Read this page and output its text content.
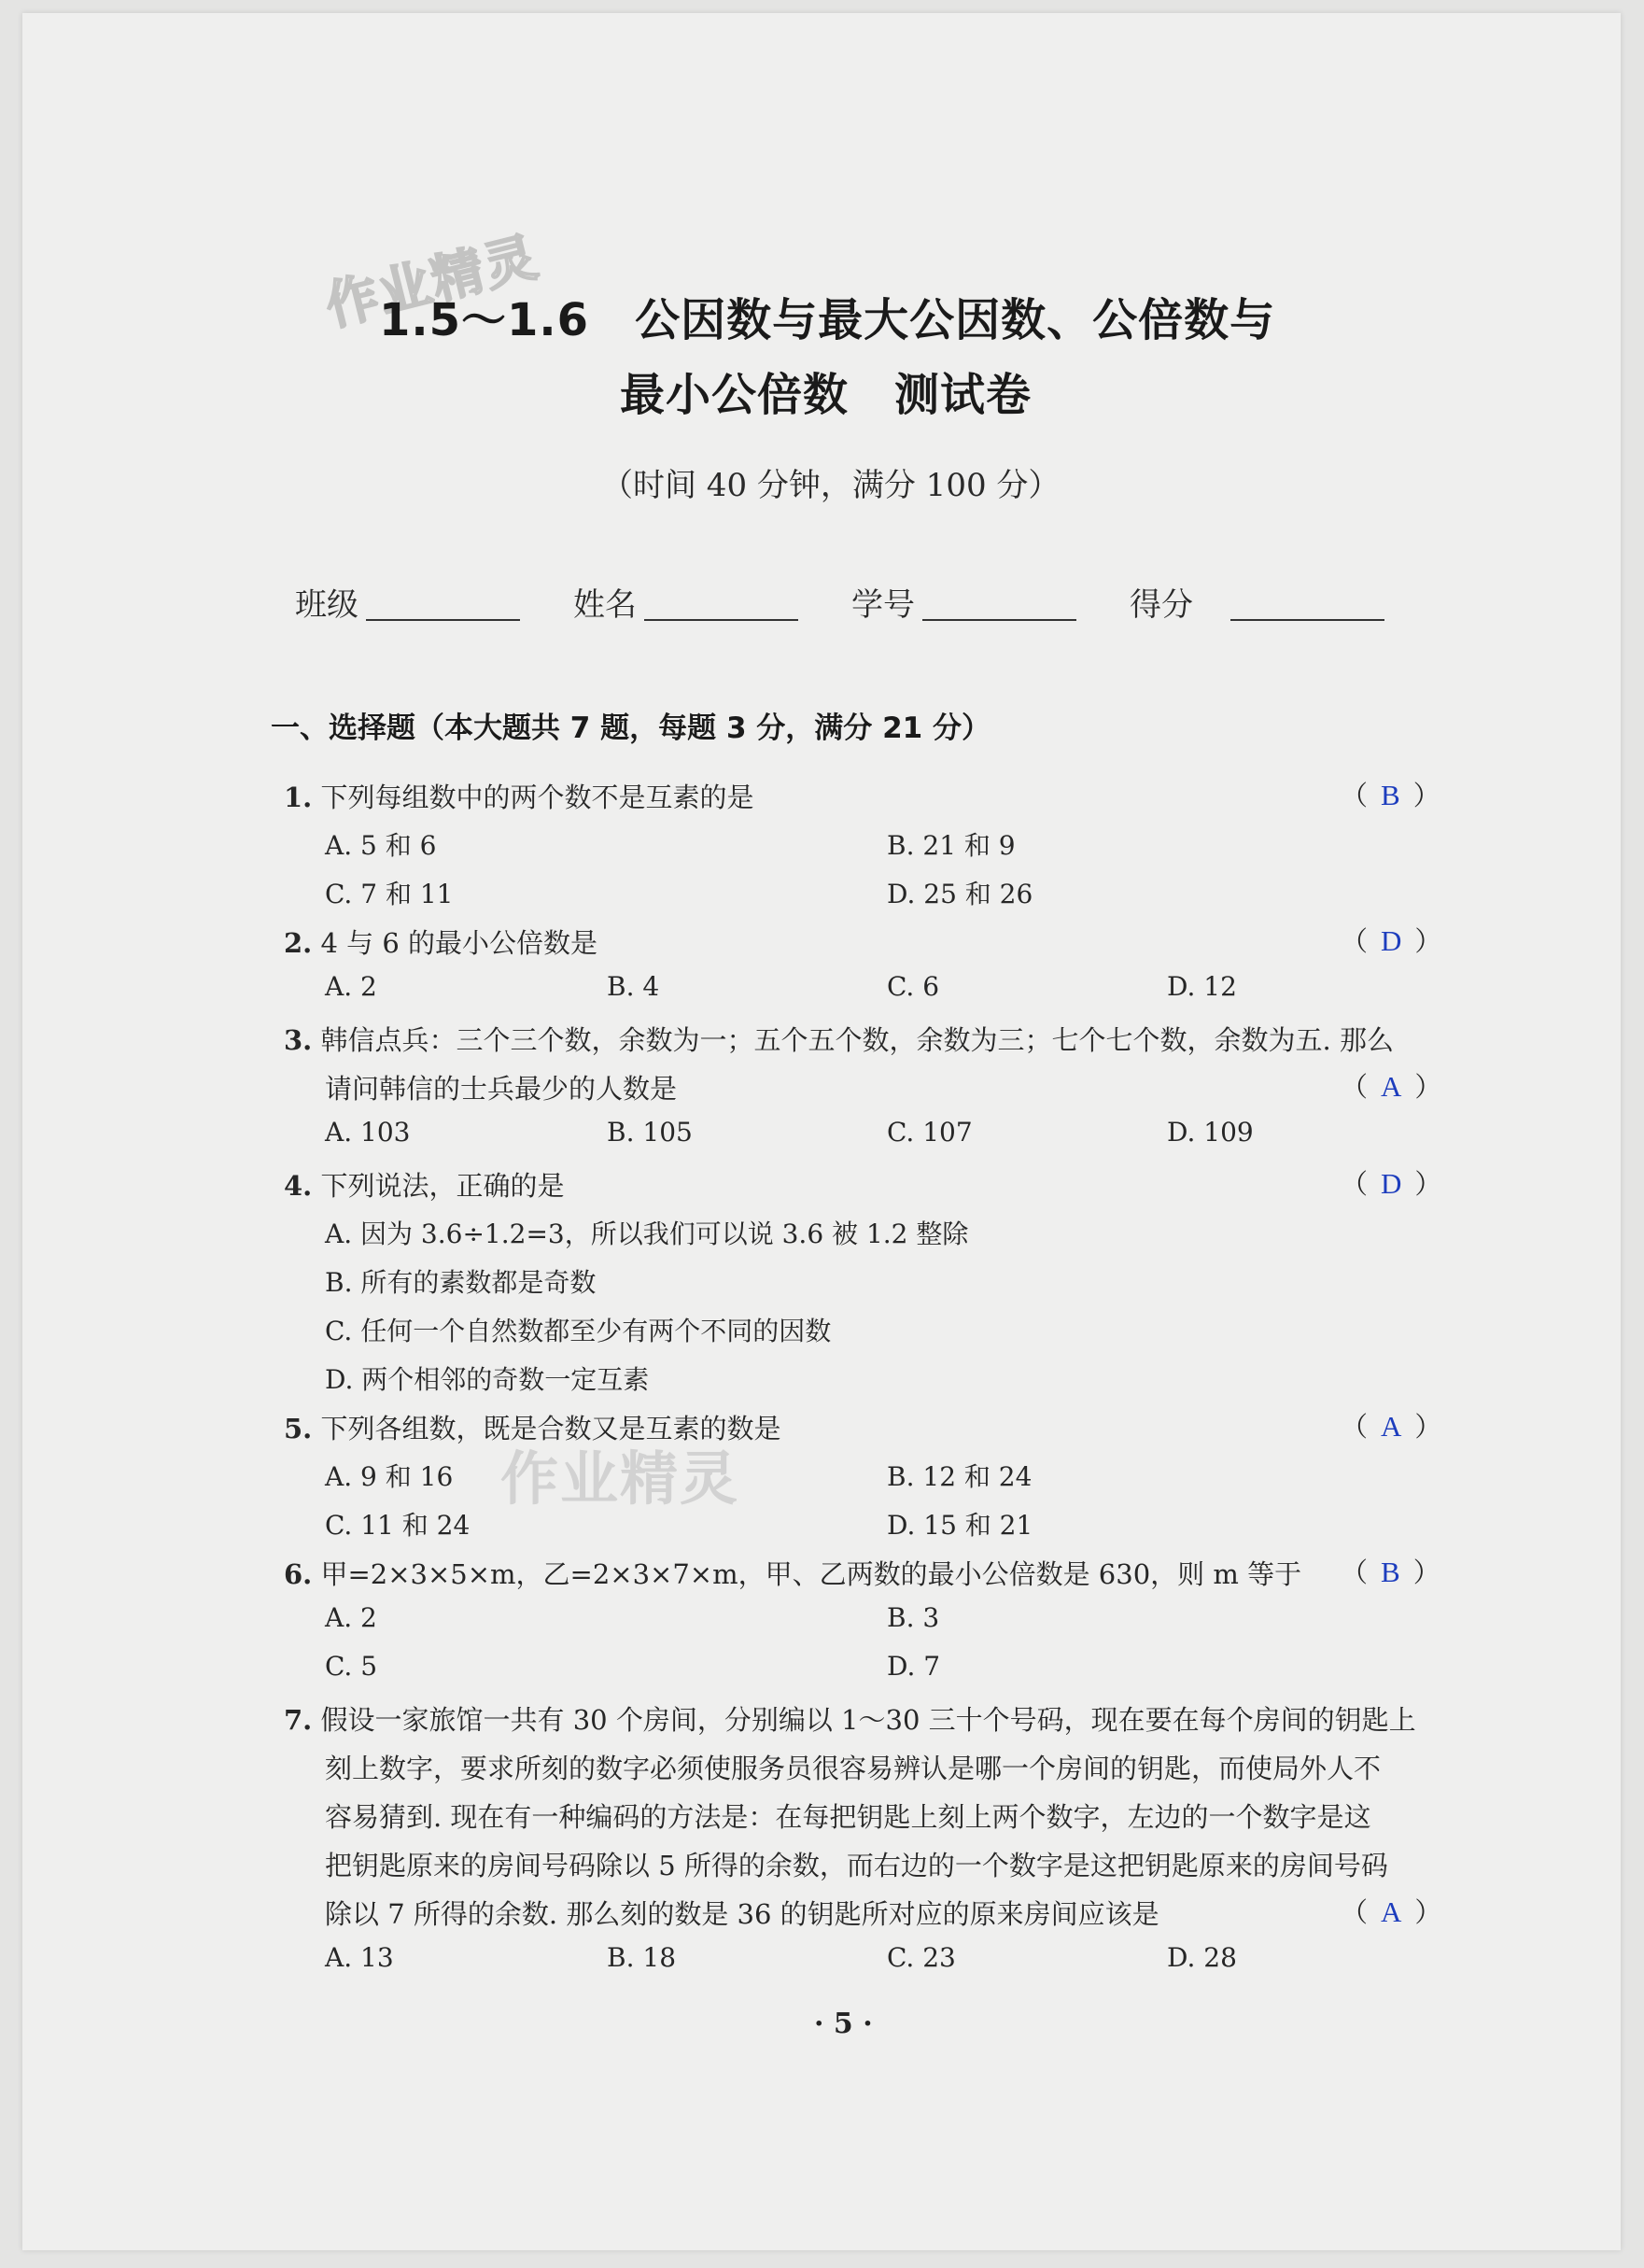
作业精灵
1.5～1.6　公因数与最大公因数、公倍数与
最小公倍数　测试卷
（时间 40 分钟，满分 100 分）
班级	姓名	学号	得分
一、选择题（本大题共 7 题，每题 3 分，满分 21 分）
1. 下列每组数中的两个数不是互素的是	（ B ）
A. 5 和 6	B. 21 和 9
C. 7 和 11	D. 25 和 26
2. 4 与 6 的最小公倍数是	（ D ）
A. 2	B. 4	C. 6	D. 12
3. 韩信点兵：三个三个数，余数为一；五个五个数，余数为三；七个七个数，余数为五. 那么
请问韩信的士兵最少的人数是	（ A ）
A. 103	B. 105	C. 107	D. 109
4. 下列说法，正确的是	（ D ）
A. 因为 3.6÷1.2=3，所以我们可以说 3.6 被 1.2 整除
B. 所有的素数都是奇数
C. 任何一个自然数都至少有两个不同的因数
D. 两个相邻的奇数一定互素
5. 下列各组数，既是合数又是互素的数是	（ A ）
A. 9 和 16	B. 12 和 24
C. 11 和 24	D. 15 和 21
作业精灵
6. 甲=2×3×5×m，乙=2×3×7×m，甲、乙两数的最小公倍数是 630，则 m 等于 （ B ）
A. 2	B. 3
C. 5	D. 7
7. 假设一家旅馆一共有 30 个房间，分别编以 1～30 三十个号码，现在要在每个房间的钥匙上
刻上数字，要求所刻的数字必须使服务员很容易辨认是哪一个房间的钥匙，而使局外人不
容易猜到. 现在有一种编码的方法是：在每把钥匙上刻上两个数字，左边的一个数字是这
把钥匙原来的房间号码除以 5 所得的余数，而右边的一个数字是这把钥匙原来的房间号码
除以 7 所得的余数. 那么刻的数是 36 的钥匙所对应的原来房间应该是	（ A ）
A. 13	B. 18	C. 23	D. 28
· 5 ·
